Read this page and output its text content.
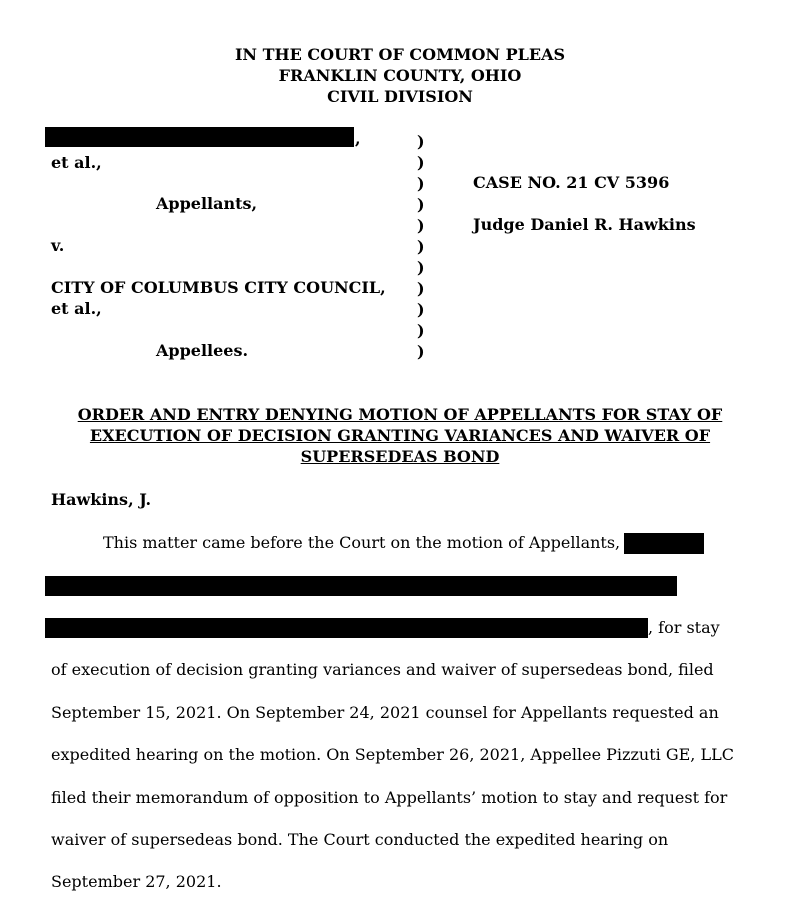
IN THE COURT OF COMMON PLEAS
FRANKLIN COUNTY, OHIO
CIVIL DIVISION
,
et al.,
Appellants,
v.
CITY OF COLUMBUS CITY COUNCIL,
et al.,
Appellees.
)
)
)
)
)
)
)
)
)
)
)
CASE NO. 21 CV 5396
Judge Daniel R. Hawkins
ORDER AND ENTRY DENYING MOTION OF APPELLANTS FOR STAY OF
EXECUTION OF DECISION GRANTING VARIANCES AND WAIVER OF
SUPERSEDEAS BOND
Hawkins, J.
This matter came before the Court on the motion of Appellants,
, for stay
of execution of decision granting variances and waiver of supersedeas bond, filed
September 15, 2021. On September 24, 2021 counsel for Appellants requested an
expedited hearing on the motion. On September 26, 2021, Appellee Pizzuti GE, LLC
filed their memorandum of opposition to Appellants’ motion to stay and request for
waiver of supersedeas bond. The Court conducted the expedited hearing on
September 27, 2021.
